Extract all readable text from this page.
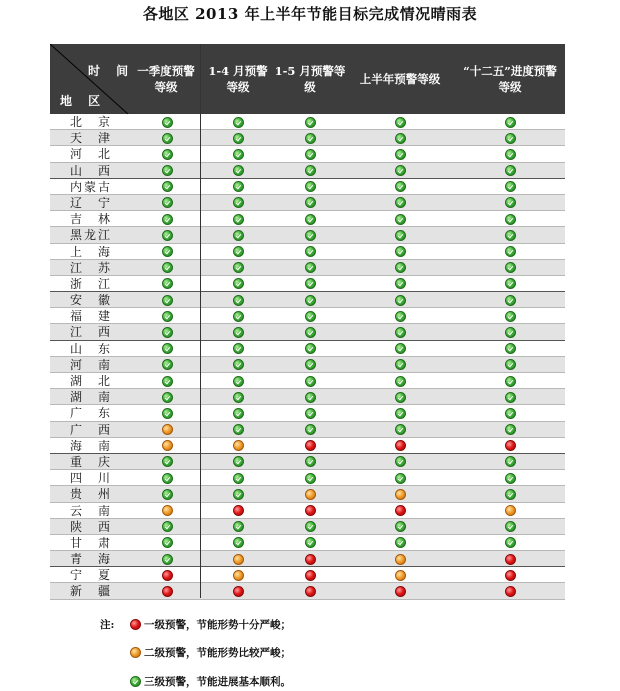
各地区 2013 年上半年节能目标完成情况晴雨表
时 间
地 区
一季度预警等级
1-4 月预警等级
1-5 月预警等级
上半年预警等级
“十二五”进度预警等级
北京
天津
河北
山西
内蒙古
辽宁
吉林
黑龙江
上海
江苏
浙江
安徽
福建
江西
山东
河南
湖北
湖南
广东
广西
海南
重庆
四川
贵州
云南
陕西
甘肃
青海
宁夏
新疆
注:	一级预警，节能形势十分严峻；
二级预警，节能形势比较严峻；
三级预警，节能进展基本顺利。
